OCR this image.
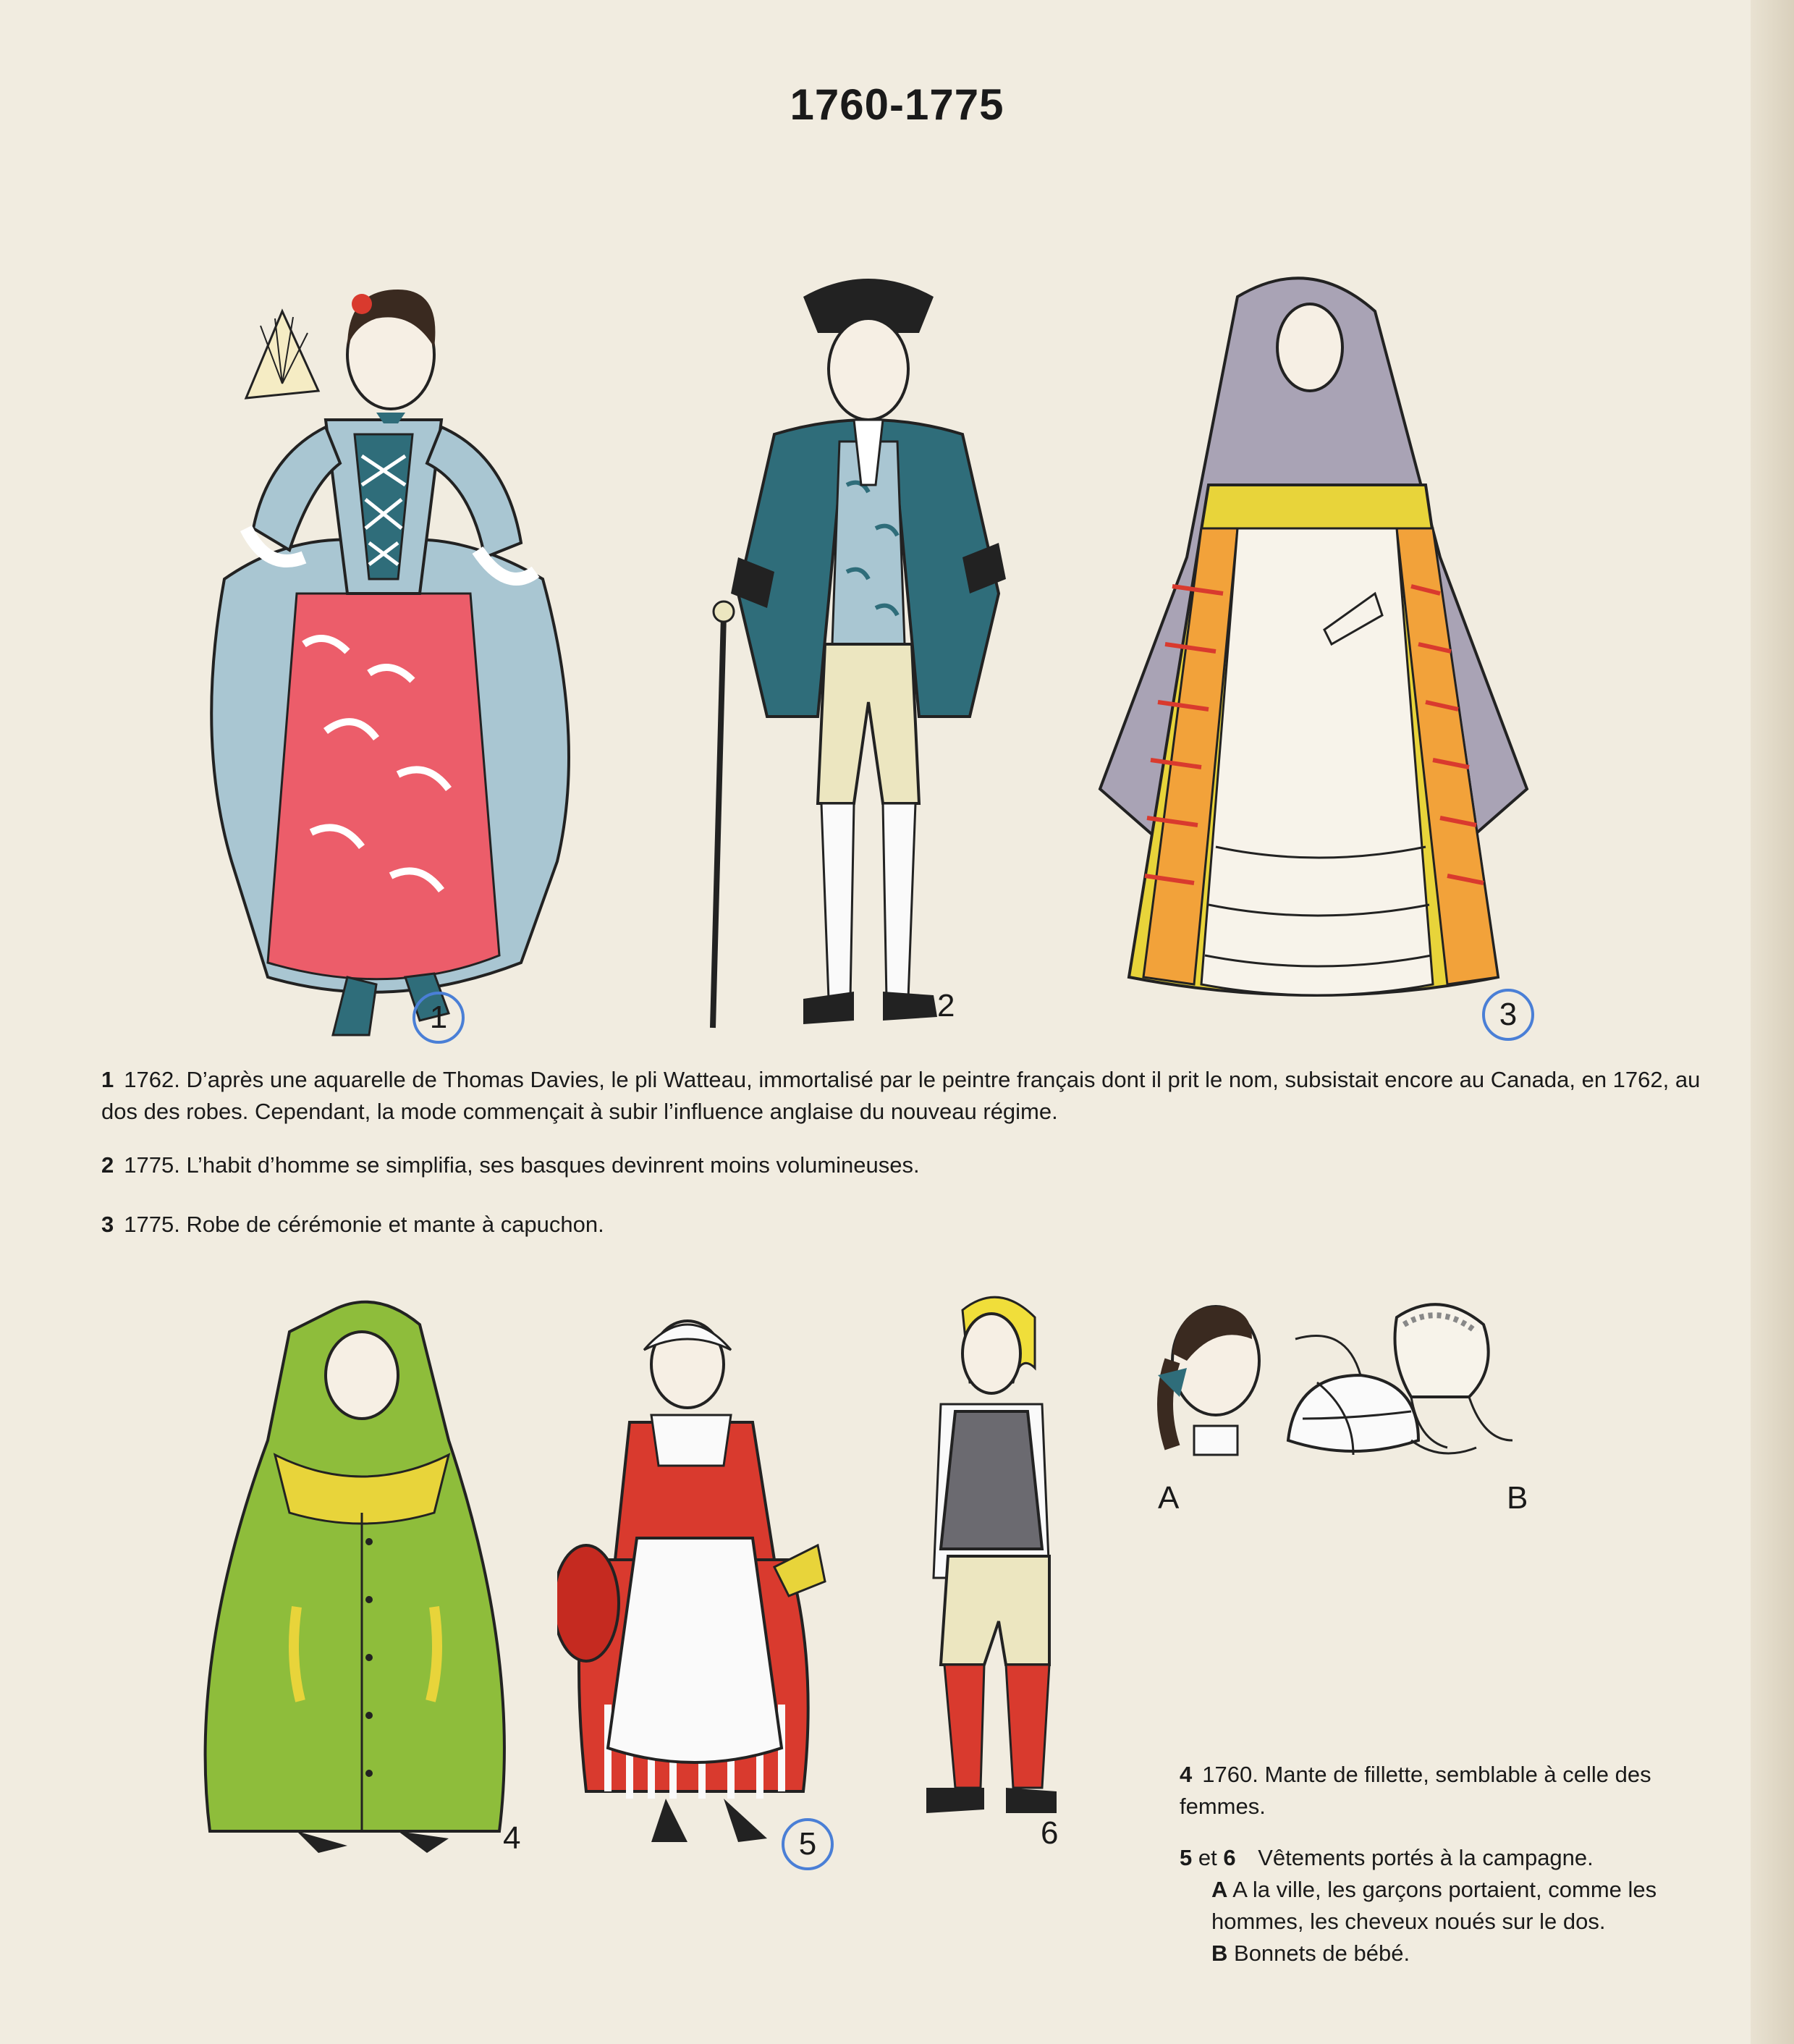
1760-1775
1	2	3
1 1762. D’après une aquarelle de Thomas Davies, le pli Watteau, immortalisé par le peintre français dont il prit le nom, subsistait encore au Canada, en 1762, au dos des robes. Cependant, la mode commençait à subir l’influence anglaise du nouveau régime.
2 1775. L’habit d’homme se simplifia, ses basques devinrent moins volumineuses.
3 1775. Robe de cérémonie et mante à capuchon.
4	5	6
A	B
4 1760. Mante de fillette, semblable à celle des femmes.
5 et 6 Vêtements portés à la campagne.
A A la ville, les garçons portaient, comme les hommes, les cheveux noués sur le dos.
B Bonnets de bébé.
